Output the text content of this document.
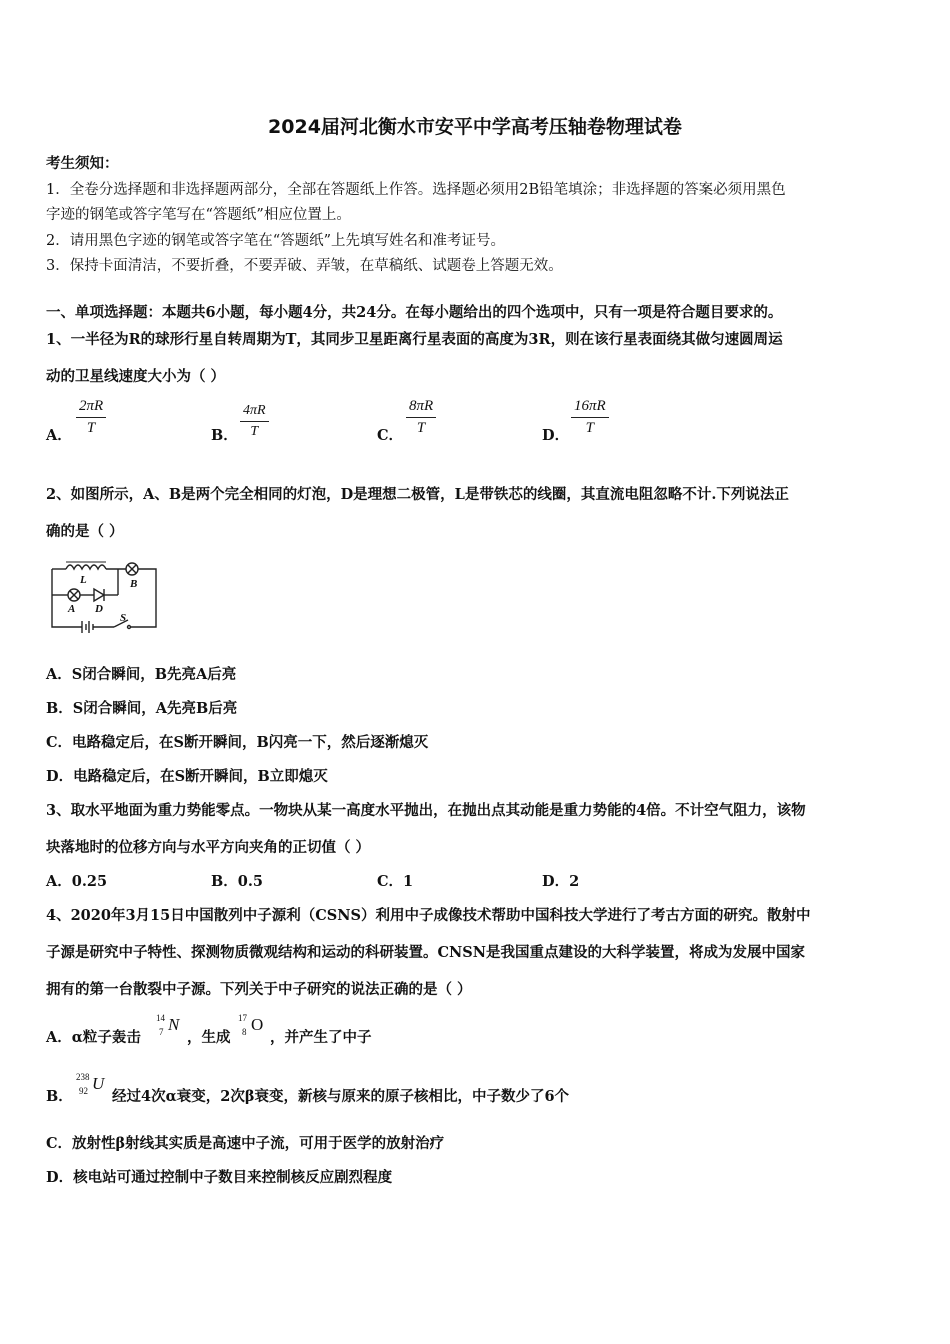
2024届河北衡水市安平中学高考压轴卷物理试卷
考生须知：
1．全卷分选择题和非选择题两部分，全部在答题纸上作答。选择题必须用2B铅笔填涂；非选择题的答案必须用黑色
字迹的钢笔或答字笔写在“答题纸”相应位置上。
2．请用黑色字迹的钢笔或答字笔在“答题纸”上先填写姓名和准考证号。
3．保持卡面清洁，不要折叠，不要弄破、弄皱，在草稿纸、试题卷上答题无效。
一、单项选择题：本题共6小题，每小题4分，共24分。在每小题给出的四个选项中，只有一项是符合题目要求的。
1、一半径为R的球形行星自转周期为T，其同步卫星距离行星表面的高度为3R，则在该行星表面绕其做匀速圆周运
动的卫星线速度大小为（ ）
A． $\frac{2\pi R}{T}$	B． $\frac{4\pi R}{T}$	C． $\frac{8\pi R}{T}$	D． $\frac{16\pi R}{T}$
2、如图所示，A、B是两个完全相同的灯泡，D是理想二极管，L是带铁芯的线圈，其直流电阻忽略不计.下列说法正
确的是（ ）
L
A D
B
S
A．S闭合瞬间，B先亮A后亮
B．S闭合瞬间，A先亮B后亮
C．电路稳定后，在S断开瞬间，B闪亮一下，然后逐渐熄灭
D．电路稳定后，在S断开瞬间，B立即熄灭
3、取水平地面为重力势能零点。一物块从某一高度水平抛出，在抛出点其动能是重力势能的4倍。不计空气阻力，该物
块落地时的位移方向与水平方向夹角的正切值（ ）
A．0.25	B．0.5	C．1	D．2
4、2020年3月15日中国散列中子源利（CSNS）利用中子成像技术帮助中国科技大学进行了考古方面的研究。散射中
子源是研究中子特性、探测物质微观结构和运动的科研装置。CNSN是我国重点建设的大科学装置，将成为发展中国家
拥有的第一台散裂中子源。下列关于中子研究的说法正确的是（ ）
A．α粒子轰击
14
7 N
，生成
17
8 O
，并产生了中子
B．
238
92 U
经过4次α衰变，2次β衰变，新核与原来的原子核相比，中子数少了6个
C．放射性β射线其实质是高速中子流，可用于医学的放射治疗
D．核电站可通过控制中子数目来控制核反应剧烈程度
